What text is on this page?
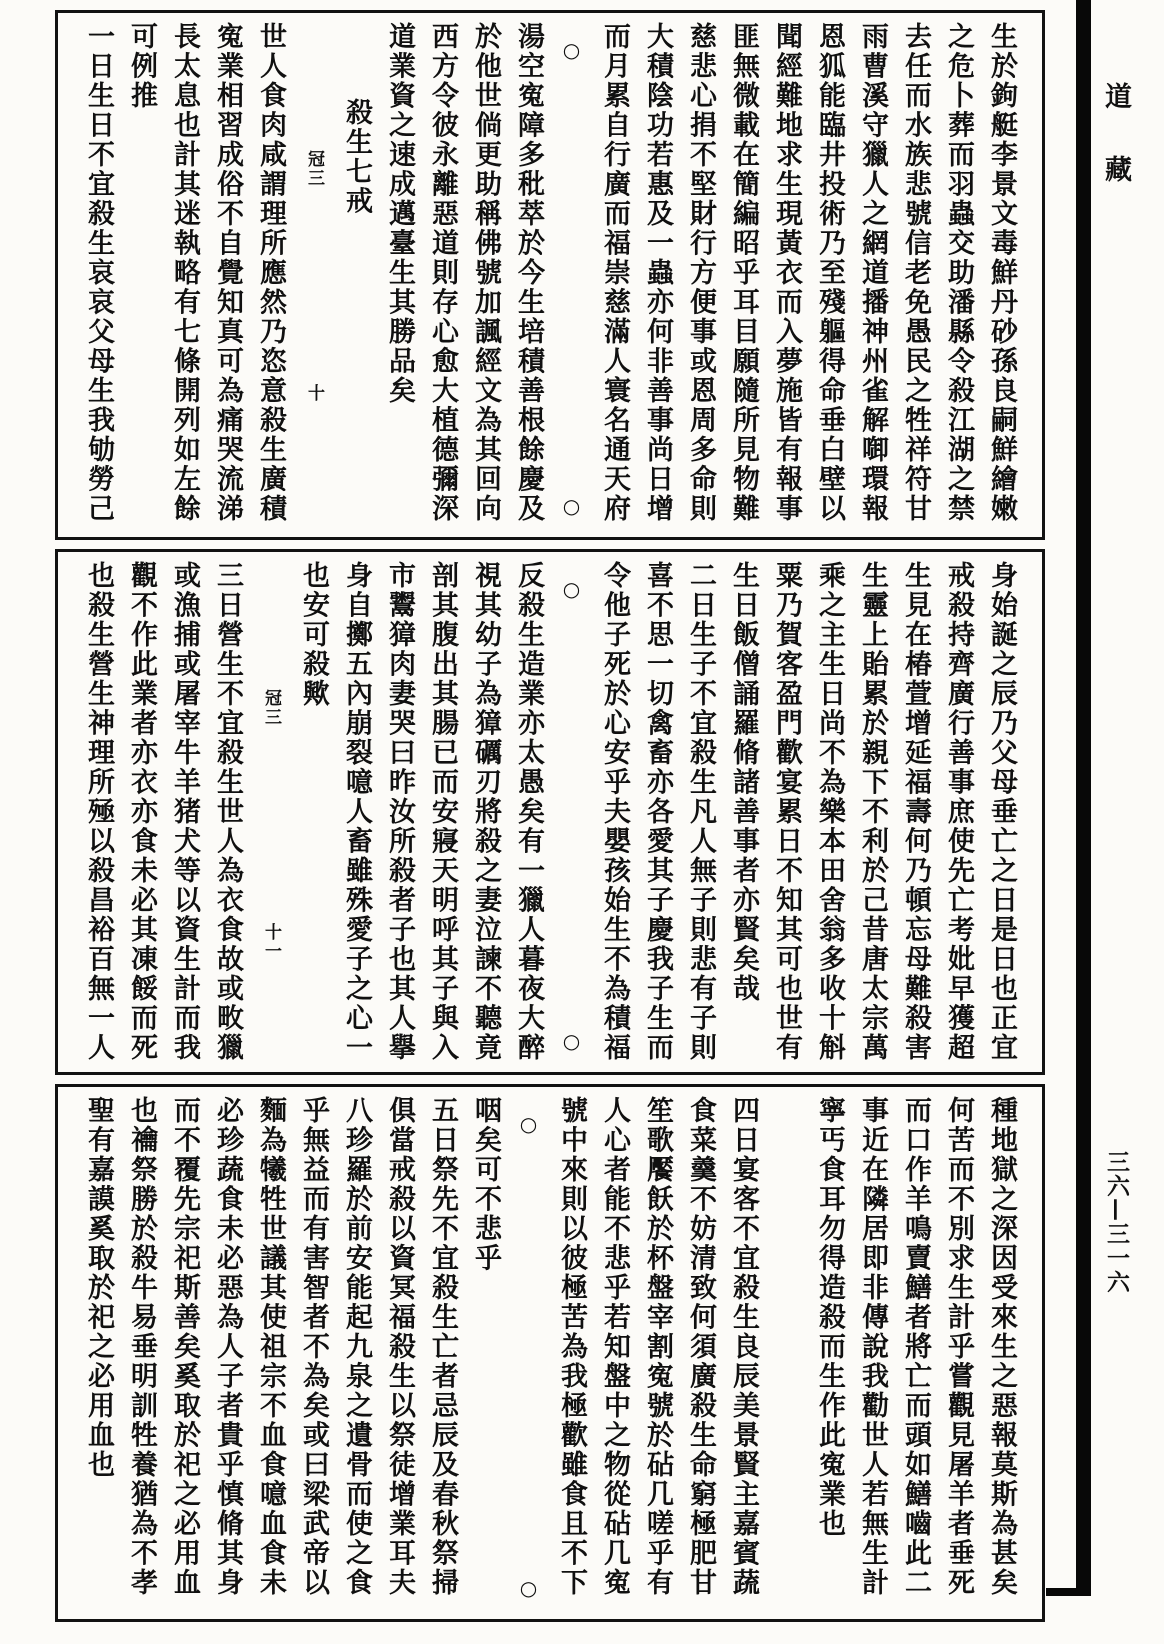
道藏
三六—三一六
生於鉤艇李景文毒鮮丹砂孫良嗣鮮繪嫩
之危卜葬而羽蟲交助潘縣令殺江湖之禁
去任而水族悲號信老免愚民之牲祥符甘
雨曹溪守獵人之網道播神州雀解啣環報
恩狐能臨井投術乃至殘軀得命垂白壁以
聞經難地求生現黃衣而入夢施皆有報事
匪無微載在簡編昭乎耳目願隨所見物難
慈悲心捐不堅財行方便事或恩周多命則
大積陰功若惠及一蟲亦何非善事尚日增
而月累自行廣而福崇慈滿人寰名通天府
○
○
湯空寃障多秕萃於今生培積善根餘慶及
於他世倘更助稱佛號加諷經文為其回向
西方令彼永離惡道則存心愈大植德彌深
道業資之速成邁臺生其勝品矣
殺生七戒
冠三
十
世人食肉咸謂理所應然乃恣意殺生廣積
寃業相習成俗不自覺知真可為痛哭流涕
長太息也計其迷執略有七條開列如左餘
可例推
一日生日不宜殺生哀哀父母生我劬勞己
身始誕之辰乃父母垂亡之日是日也正宜
戒殺持齊廣行善事庶使先亡考妣早獲超
生見在椿萱增延福壽何乃頓忘母難殺害
生靈上貽累於親下不利於己昔唐太宗萬
乘之主生日尚不為樂本田舍翁多收十斛
粟乃賀客盈門歡宴累日不知其可也世有
生日飯僧誦羅脩諸善事者亦賢矣哉
二日生子不宜殺生凡人無子則悲有子則
喜不思一切禽畜亦各愛其子慶我子生而
令他子死於心安乎夫嬰孩始生不為積福
○
○
反殺生造業亦太愚矣有一獵人暮夜大醉
視其幼子為獐礪刃將殺之妻泣諫不聽竟
剖其腹出其腸已而安寢天明呼其子與入
市鬻獐肉妻哭曰昨汝所殺者子也其人擧
身自擲五內崩裂噫人畜雖殊愛子之心一
也安可殺歟
冠三
十一
三日營生不宜殺生世人為衣食故或畋獵
或漁捕或屠宰牛羊猪犬等以資生計而我
觀不作此業者亦衣亦食未必其凍餒而死
也殺生營生神理所殛以殺昌裕百無一人
種地獄之深因受來生之惡報莫斯為甚矣
何苦而不別求生計乎嘗觀見屠羊者垂死
而口作羊鳴賣鱔者將亡而頭如鱔嚙此二
事近在隣居即非傳說我勸世人若無生計
寧丐食耳勿得造殺而生作此寃業也
四日宴客不宜殺生良辰美景賢主嘉賓蔬
食菜羹不妨清致何須廣殺生命窮極肥甘
笙歌饜飫於杯盤宰割寃號於砧几嗟乎有
人心者能不悲乎若知盤中之物從砧几寃
號中來則以彼極苦為我極歡雖食且不下
○
○
咽矣可不悲乎
五日祭先不宜殺生亡者忌辰及春秋祭掃
俱當戒殺以資冥福殺生以祭徒增業耳夫
八珍羅於前安能起九泉之遺骨而使之食
乎無益而有害智者不為矣或曰梁武帝以
麵為犧牲世議其使祖宗不血食噫血食未
必珍蔬食未必惡為人子者貴乎慎脩其身
而不覆先宗祀斯善矣奚取於祀之必用血
也禴祭勝於殺牛易垂明訓牲養猶為不孝
聖有嘉謨奚取於祀之必用血也
